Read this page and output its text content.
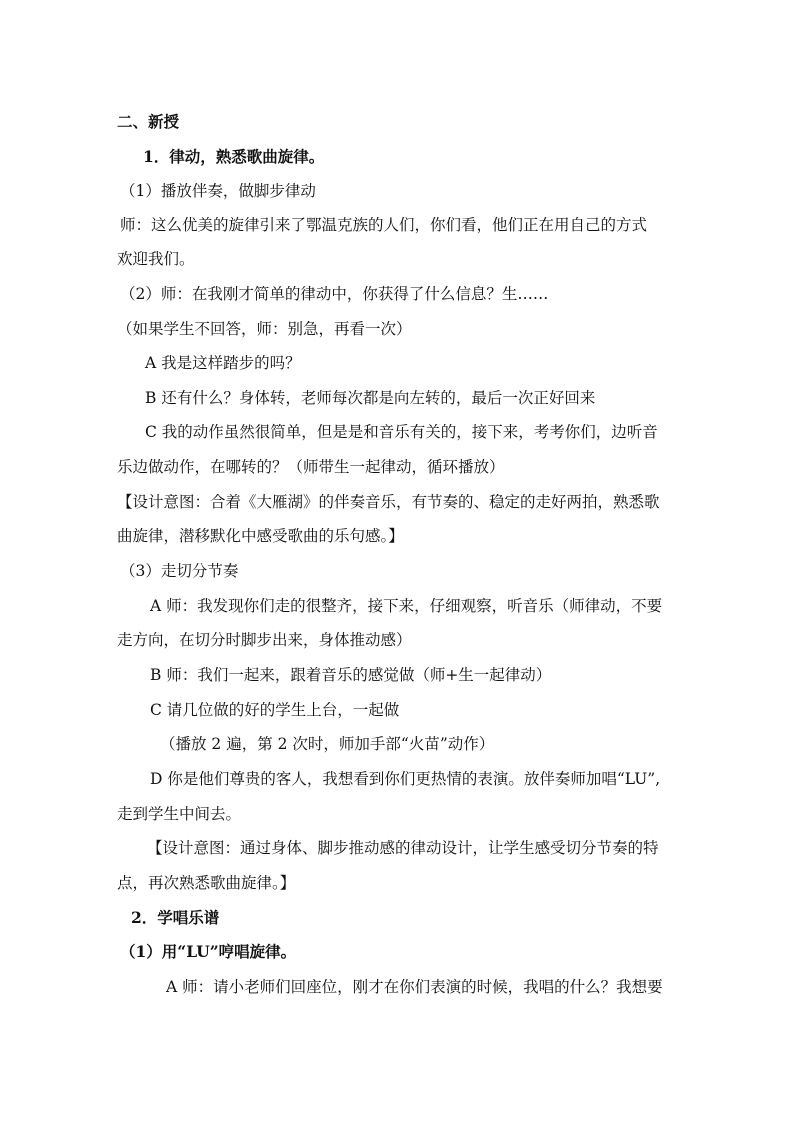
二、新授
1．律动，熟悉歌曲旋律。
（1）播放伴奏，做脚步律动
师：这么优美的旋律引来了鄂温克族的人们，你们看，他们正在用自己的方式
欢迎我们。
（2）师：在我刚才简单的律动中，你获得了什么信息？生……
（如果学生不回答，师：别急，再看一次）
A 我是这样踏步的吗？
B 还有什么？身体转，老师每次都是向左转的，最后一次正好回来
C 我的动作虽然很简单，但是是和音乐有关的，接下来，考考你们，边听音
乐边做动作，在哪转的？（师带生一起律动，循环播放）
【设计意图：合着《大雁湖》的伴奏音乐，有节奏的、稳定的走好两拍，熟悉歌
曲旋律，潜移默化中感受歌曲的乐句感。】
（3）走切分节奏
A 师：我发现你们走的很整齐，接下来，仔细观察，听音乐（师律动，不要
走方向，在切分时脚步出来，身体推动感）
B 师：我们一起来，跟着音乐的感觉做（师+生一起律动）
C 请几位做的好的学生上台，一起做
（播放 2 遍，第 2 次时，师加手部“火苗”动作）
D 你是他们尊贵的客人，我想看到你们更热情的表演。放伴奏师加唱“LU”,
走到学生中间去。
【设计意图：通过身体、脚步推动感的律动设计，让学生感受切分节奏的特
点，再次熟悉歌曲旋律。】
2．学唱乐谱
（1）用“LU”哼唱旋律。
A 师：请小老师们回座位，刚才在你们表演的时候，我唱的什么？我想要
